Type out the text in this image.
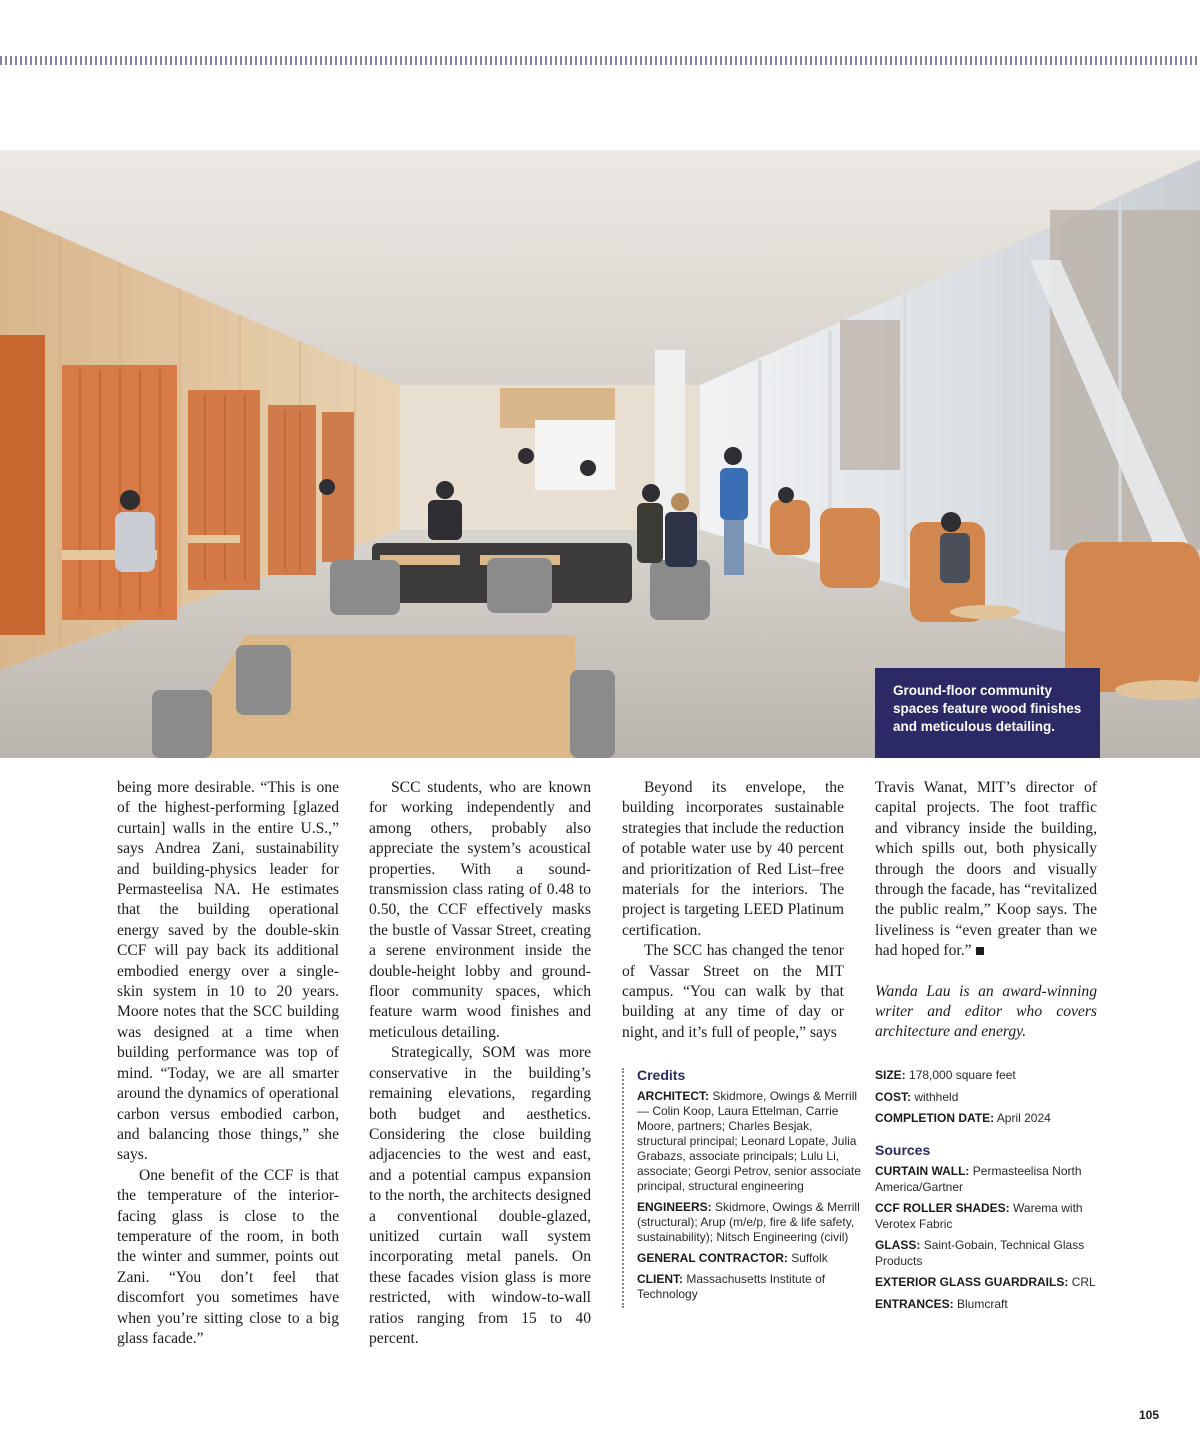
Ground-floor community spaces feature wood finishes and meticulous detailing.

being more desirable. “This is one of the highest-performing [glazed curtain] walls in the entire U.S.,” says Andrea Zani, sustainability and building-physics leader for Permasteelisa NA. He estimates that the building operational energy saved by the double-skin CCF will pay back its additional embodied energy over a single-skin system in 10 to 20 years. Moore notes that the SCC building was designed at a time when building performance was top of mind. “Today, we are all smarter around the dynamics of operational carbon versus embodied carbon, and balancing those things,” she says.

One benefit of the CCF is that the temperature of the interior-facing glass is close to the temperature of the room, in both the winter and summer, points out Zani. “You don’t feel that discomfort you sometimes have when you’re sitting close to a big glass facade.”

SCC students, who are known for working independently and among others, probably also appreciate the system’s acoustical properties. With a sound-transmission class rating of 0.48 to 0.50, the CCF effectively masks the bustle of Vassar Street, creating a serene environment inside the double-height lobby and ground-floor community spaces, which feature warm wood finishes and meticulous detailing.

Strategically, SOM was more conservative in the building’s remaining elevations, regarding both budget and aesthetics. Considering the close building adjacencies to the west and east, and a potential campus expansion to the north, the architects designed a conventional double-glazed, unitized curtain wall system incorporating metal panels. On these facades vision glass is more restricted, with window-to-wall ratios ranging from 15 to 40 percent.

Beyond its envelope, the building incorporates sustainable strategies that include the reduction of potable water use by 40 percent and prioritization of Red List–free materials for the interiors. The project is targeting LEED Platinum certification.

The SCC has changed the tenor of Vassar Street on the MIT campus. “You can walk by that building at any time of day or night, and it’s full of people,” says

Travis Wanat, MIT’s director of capital projects. The foot traffic and vibrancy inside the building, which spills out, both physically through the doors and visually through the facade, has “revitalized the public realm,” Koop says. The liveliness is “even greater than we had hoped for.”

Wanda Lau is an award-winning writer and editor who covers architecture and energy.

Credits
ARCHITECT: Skidmore, Owings & Merrill — Colin Koop, Laura Ettelman, Carrie Moore, partners; Charles Besjak, structural principal; Leonard Lopate, Julia Grabazs, associate principals; Lulu Li, associate; Georgi Petrov, senior associate principal, structural engineering
ENGINEERS: Skidmore, Owings & Merrill (structural); Arup (m/e/p, fire & life safety, sustainability); Nitsch Engineering (civil)
GENERAL CONTRACTOR: Suffolk
CLIENT: Massachusetts Institute of Technology
SIZE: 178,000 square feet
COST: withheld
COMPLETION DATE: April 2024
Sources
CURTAIN WALL: Permasteelisa North America/Gartner
CCF ROLLER SHADES: Warema with Verotex Fabric
GLASS: Saint-Gobain, Technical Glass Products
EXTERIOR GLASS GUARDRAILS: CRL
ENTRANCES: Blumcraft
105
